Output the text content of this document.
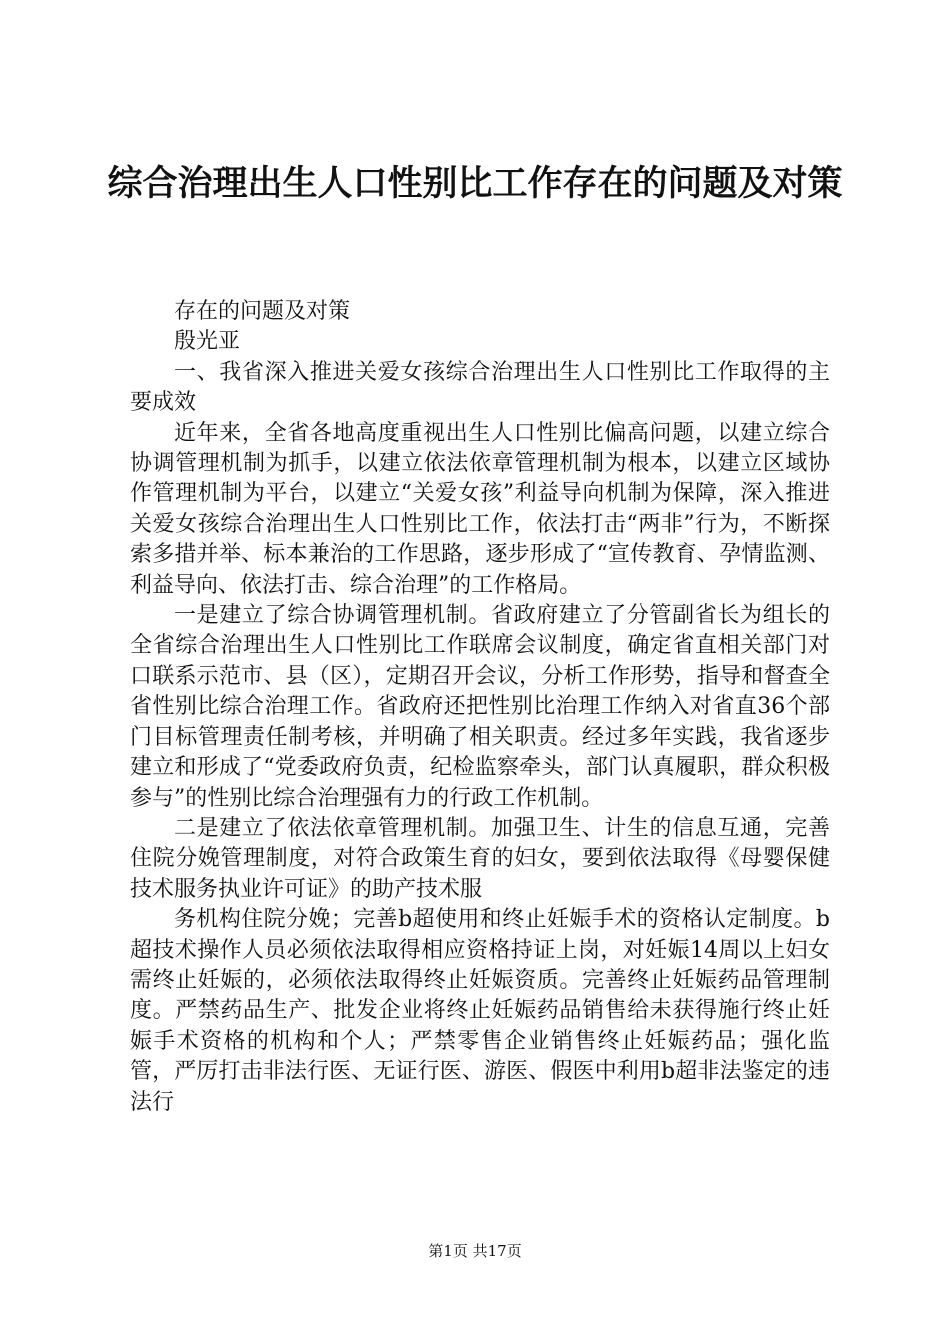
综合治理出生人口性别比工作存在的问题及对策

存在的问题及对策

殷光亚

一、我省深入推进关爱女孩综合治理出生人口性别比工作取得的主要成效

近年来，全省各地高度重视出生人口性别比偏高问题，以建立综合协调管理机制为抓手，以建立依法依章管理机制为根本，以建立区域协作管理机制为平台，以建立“关爱女孩”利益导向机制为保障，深入推进关爱女孩综合治理出生人口性别比工作，依法打击“两非”行为，不断探索多措并举、标本兼治的工作思路，逐步形成了“宣传教育、孕情监测、利益导向、依法打击、综合治理”的工作格局。

一是建立了综合协调管理机制。省政府建立了分管副省长为组长的全省综合治理出生人口性别比工作联席会议制度，确定省直相关部门对口联系示范市、县（区），定期召开会议，分析工作形势，指导和督查全省性别比综合治理工作。省政府还把性别比治理工作纳入对省直36个部门目标管理责任制考核，并明确了相关职责。经过多年实践，我省逐步建立和形成了“党委政府负责，纪检监察牵头，部门认真履职，群众积极参与”的性别比综合治理强有力的行政工作机制。

二是建立了依法依章管理机制。加强卫生、计生的信息互通，完善住院分娩管理制度，对符合政策生育的妇女，要到依法取得《母婴保健技术服务执业许可证》的助产技术服

务机构住院分娩；完善b超使用和终止妊娠手术的资格认定制度。b超技术操作人员必须依法取得相应资格持证上岗，对妊娠14周以上妇女需终止妊娠的，必须依法取得终止妊娠资质。完善终止妊娠药品管理制度。严禁药品生产、批发企业将终止妊娠药品销售给未获得施行终止妊娠手术资格的机构和个人；严禁零售企业销售终止妊娠药品；强化监管，严厉打击非法行医、无证行医、游医、假医中利用b超非法鉴定的违法行

第1页 共17页
